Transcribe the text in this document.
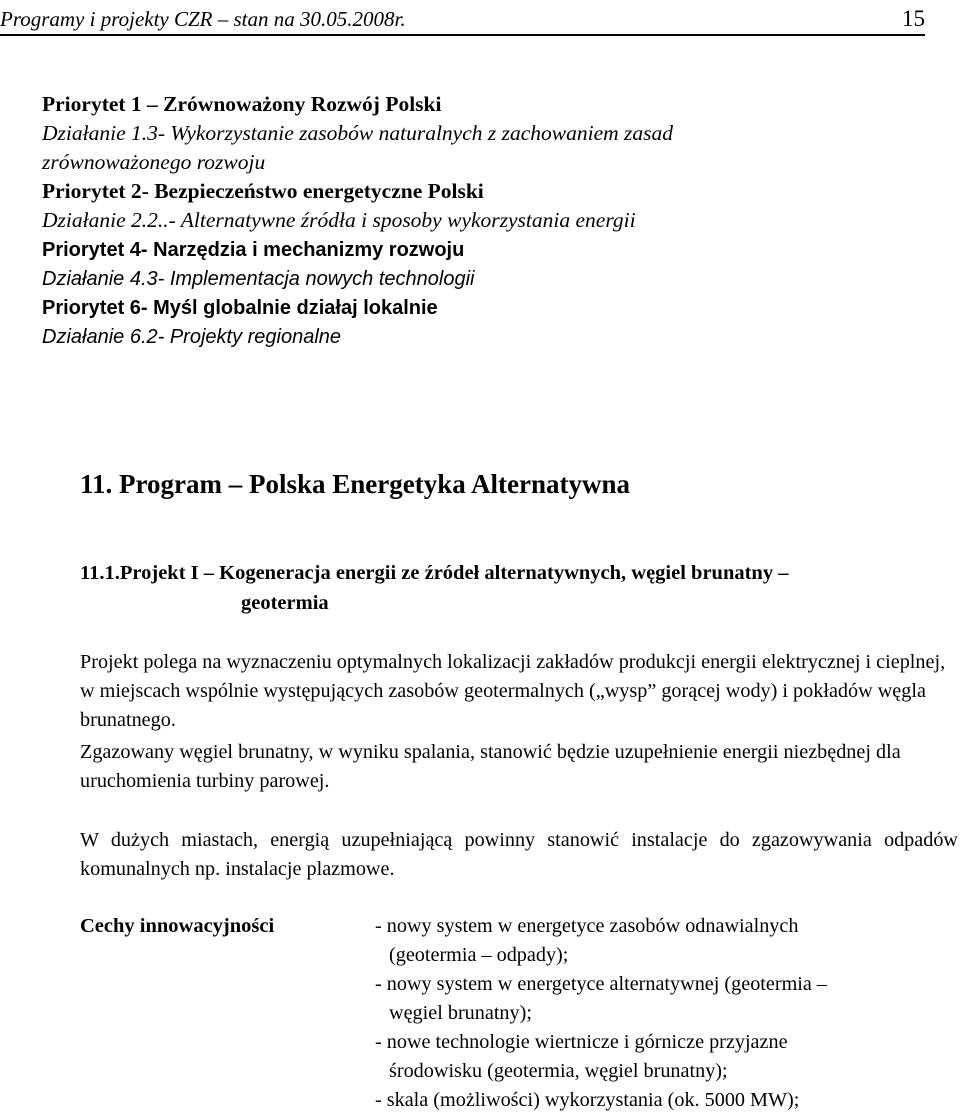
Programy i projekty CZR – stan na 30.05.2008r.	15
Priorytet 1 – Zrównoważony Rozwój Polski
Działanie 1.3- Wykorzystanie zasobów naturalnych z zachowaniem zasad
zrównoważonego rozwoju
Priorytet 2- Bezpieczeństwo energetyczne Polski
Działanie 2.2..- Alternatywne źródła i sposoby wykorzystania energii
Priorytet 4- Narzędzia i mechanizmy rozwoju
Działanie 4.3- Implementacja nowych technologii
Priorytet 6- Myśl globalnie działaj lokalnie
Działanie 6.2- Projekty regionalne
11. Program – Polska Energetyka Alternatywna
11.1.Projekt I – Kogeneracja energii ze źródeł alternatywnych, węgiel brunatny –
geotermia
Projekt polega na wyznaczeniu optymalnych lokalizacji zakładów produkcji energii elektrycznej i cieplnej, w miejscach wspólnie występujących zasobów geotermalnych („wysp” gorącej wody) i pokładów węgla brunatnego.
Zgazowany węgiel brunatny, w wyniku spalania, stanowić będzie uzupełnienie energii niezbędnej dla uruchomienia turbiny parowej.
W dużych miastach, energią uzupełniającą powinny stanowić instalacje do zgazowywania odpadów komunalnych np. instalacje plazmowe.
Cechy innowacyjności	- nowy system w energetyce zasobów odnawialnych
(geotermia – odpady);
- nowy system w energetyce alternatywnej (geotermia –
węgiel brunatny);
- nowe technologie wiertnicze i górnicze przyjazne
środowisku (geotermia, węgiel brunatny);
- skala (możliwości) wykorzystania (ok. 5000 MW);
